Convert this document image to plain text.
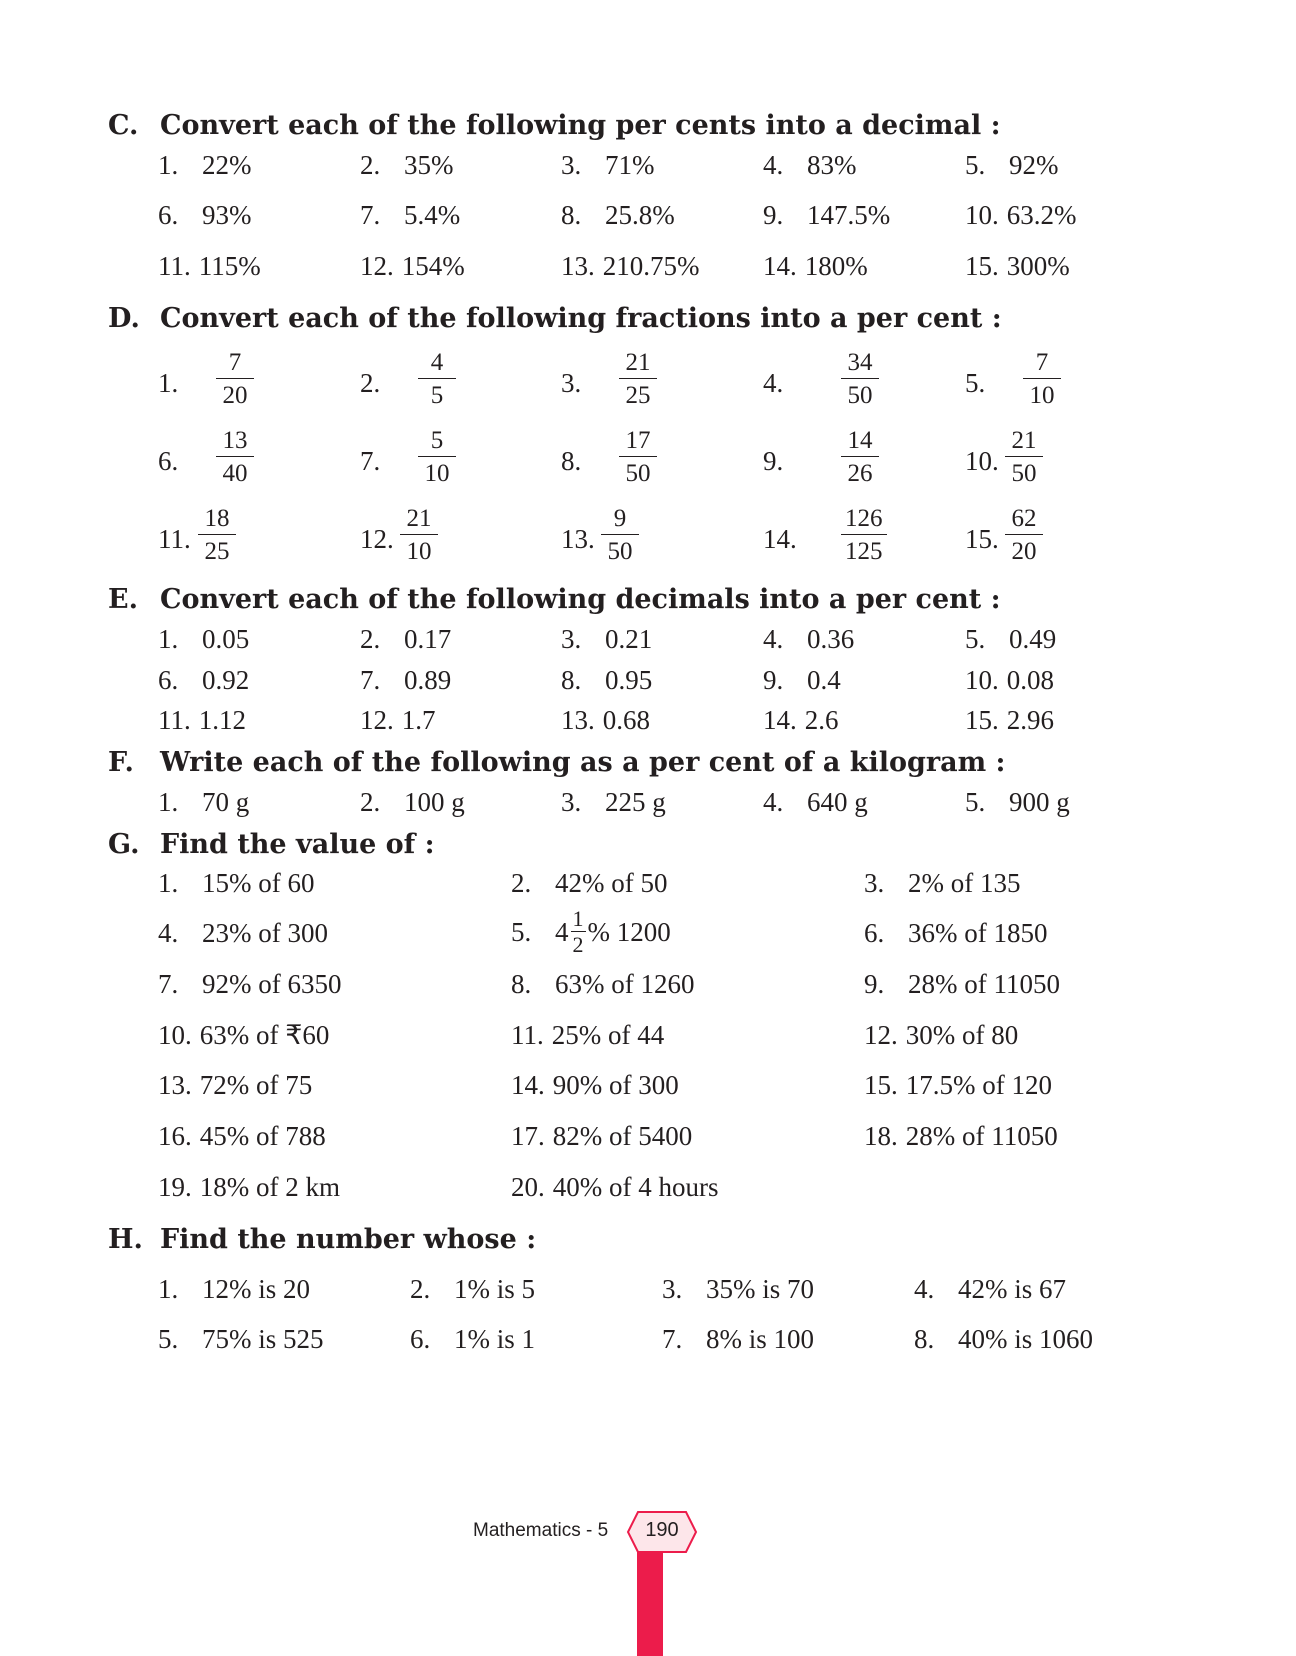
C. Convert each of the following per cents into a decimal :
D. Convert each of the following fractions into a per cent :
E. Convert each of the following decimals into a per cent :
F. Write each of the following as a per cent of a kilogram :
G. Find the value of :
H. Find the number whose :
1. 22%	2. 35%	3. 71%	4. 83%	5. 92%
6. 93%	7. 5.4%	8. 25.8%	9. 147.5%	10. 63.2%
11. 115%	12. 154%	13. 210.75% 14. 180%	15. 300%
1. $\frac{7}{20}$	2. $\frac{4}{5}$	3. $\frac{21}{25}$	4. $\frac{34}{50}$	5. $\frac{7}{10}$
6. $\frac{13}{40}$	7. $\frac{5}{10}$	8. $\frac{17}{50}$	9. $\frac{14}{26}$	10. $\frac{21}{50}$
11. $\frac{18}{25}$	12. $\frac{21}{10}$	13. $\frac{9}{50}$	14. $\frac{126}{125}$	15. $\frac{62}{20}$
1. 0.05	2. 0.17	3. 0.21	4. 0.36	5. 0.49
6. 0.92	7. 0.89	8. 0.95	9. 0.4	10. 0.08
11. 1.12	12. 1.7	13. 0.68	14. 2.6	15. 2.96
1. 70 g	2. 100 g	3. 225 g	4. 640 g	5. 900 g
1. 15% of 60	2. 42% of 50	3. 2% of 135
4. 23% of 300	5. $4 \frac{1}{2}$ % 1200	6. 36% of 1850
7. 92% of 6350	8. 63% of 1260	9. 28% of 11050
10. 63% of ₹60	11. 25% of 44	12. 30% of 80
13. 72% of 75	14. 90% of 300	15. 17.5% of 120
16. 45% of 788	17. 82% of 5400	18. 28% of 11050
19. 18% of 2 km	20. 40% of 4 hours
1. 12% is 20	2. 1% is 5	3. 35% is 70	4. 42% is 67
5. 75% is 525	6. 1% is 1	7. 8% is 100	8. 40% is 1060
Mathematics - 5	190
